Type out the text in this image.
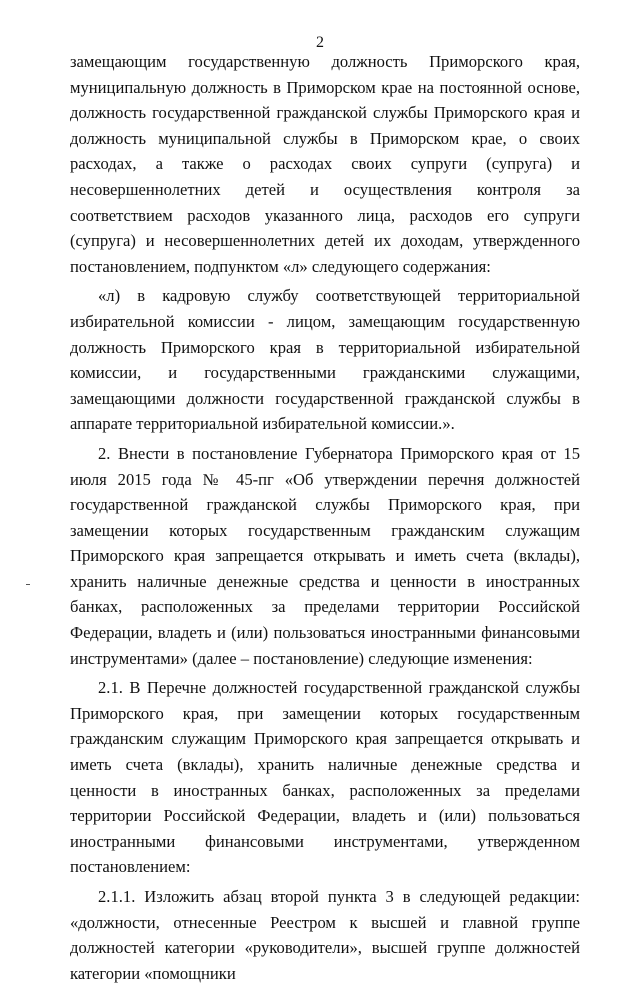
2

замещающим государственную должность Приморского края, муниципальную должность в Приморском крае на постоянной основе, должность государственной гражданской службы Приморского края и должность муниципальной службы в Приморском крае, о своих расходах, а также о расходах своих супруги (супруга) и несовершеннолетних детей и осуществления контроля за соответствием расходов указанного лица, расходов его супруги (супруга) и несовершеннолетних детей их доходам, утвержденного постановлением, подпунктом «л» следующего содержания:

«л) в кадровую службу соответствующей территориальной избирательной комиссии - лицом, замещающим государственную должность Приморского края в территориальной избирательной комиссии, и государственными гражданскими служащими, замещающими должности государственной гражданской службы в аппарате территориальной избирательной комиссии.».

2. Внести в постановление Губернатора Приморского края от 15 июля 2015 года № 45-пг «Об утверждении перечня должностей государственной гражданской службы Приморского края, при замещении которых государственным гражданским служащим Приморского края запрещается открывать и иметь счета (вклады), хранить наличные денежные средства и ценности в иностранных банках, расположенных за пределами территории Российской Федерации, владеть и (или) пользоваться иностранными финансовыми инструментами» (далее – постановление) следующие изменения:

2.1. В Перечне должностей государственной гражданской службы Приморского края, при замещении которых государственным гражданским служащим Приморского края запрещается открывать и иметь счета (вклады), хранить наличные денежные средства и ценности в иностранных банках, расположенных за пределами территории Российской Федерации, владеть и (или) пользоваться иностранными финансовыми инструментами, утвержденном постановлением:

2.1.1. Изложить абзац второй пункта 3 в следующей редакции: «должности, отнесенные Реестром к высшей и главной группе должностей категории «руководители», высшей группе должностей категории «помощники
